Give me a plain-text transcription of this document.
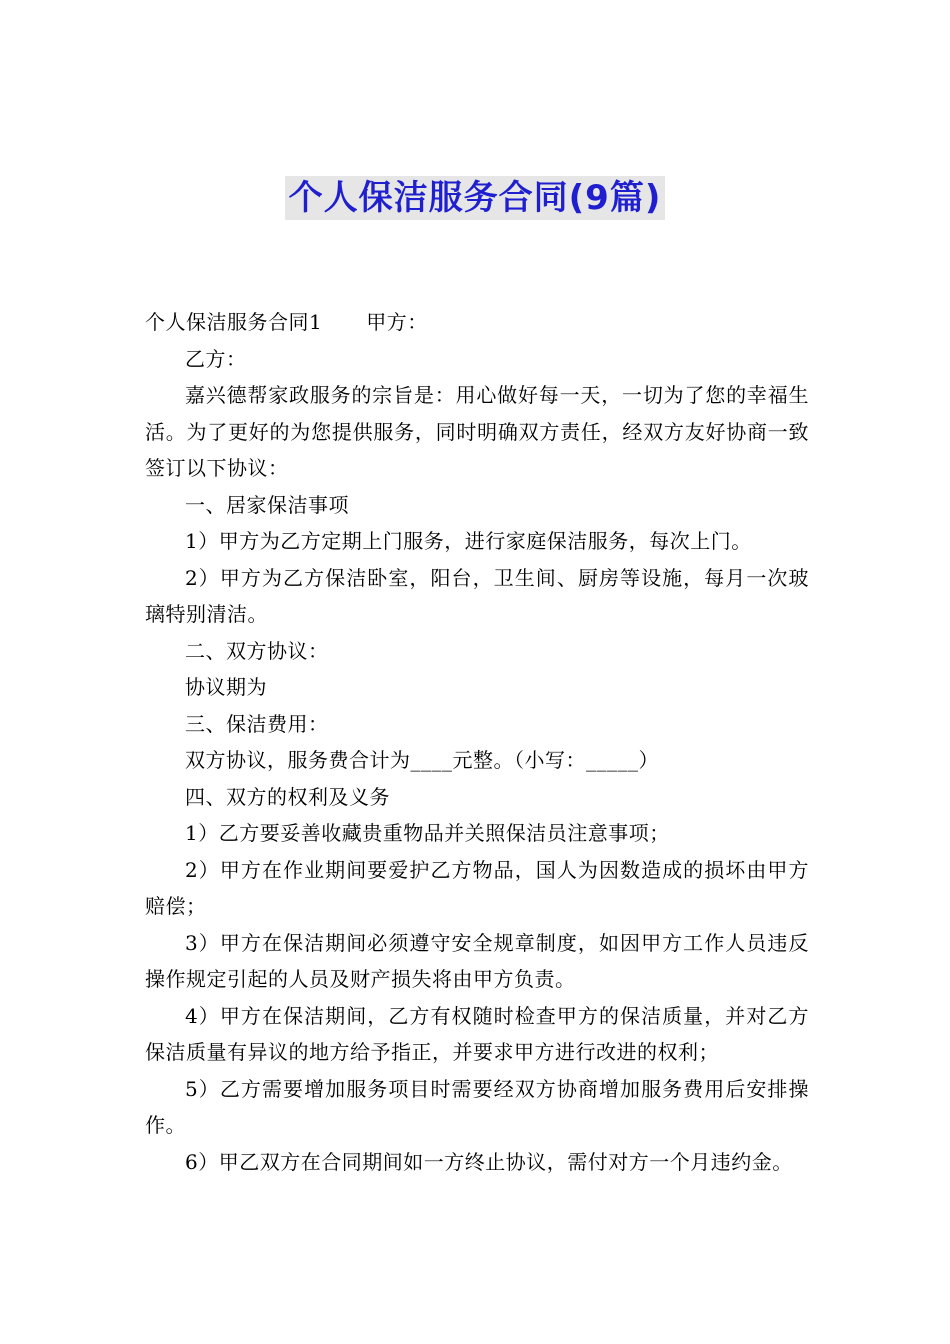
个人保洁服务合同(9篇)

个人保洁服务合同1 甲方：

乙方：

嘉兴德帮家政服务的宗旨是：用心做好每一天，一切为了您的幸福生活。为了更好的为您提供服务，同时明确双方责任，经双方友好协商一致签订以下协议：

一、居家保洁事项

1）甲方为乙方定期上门服务，进行家庭保洁服务，每次上门。

2）甲方为乙方保洁卧室，阳台，卫生间、厨房等设施，每月一次玻璃特别清洁。

二、双方协议：

协议期为

三、保洁费用：

双方协议，服务费合计为____元整。（小写：_____）

四、双方的权利及义务

1）乙方要妥善收藏贵重物品并关照保洁员注意事项；

2）甲方在作业期间要爱护乙方物品，国人为因数造成的损坏由甲方赔偿；

3）甲方在保洁期间必须遵守安全规章制度，如因甲方工作人员违反操作规定引起的人员及财产损失将由甲方负责。

4）甲方在保洁期间，乙方有权随时检查甲方的保洁质量，并对乙方保洁质量有异议的地方给予指正，并要求甲方进行改进的权利；

5）乙方需要增加服务项目时需要经双方协商增加服务费用后安排操作。

6）甲乙双方在合同期间如一方终止协议，需付对方一个月违约金。
